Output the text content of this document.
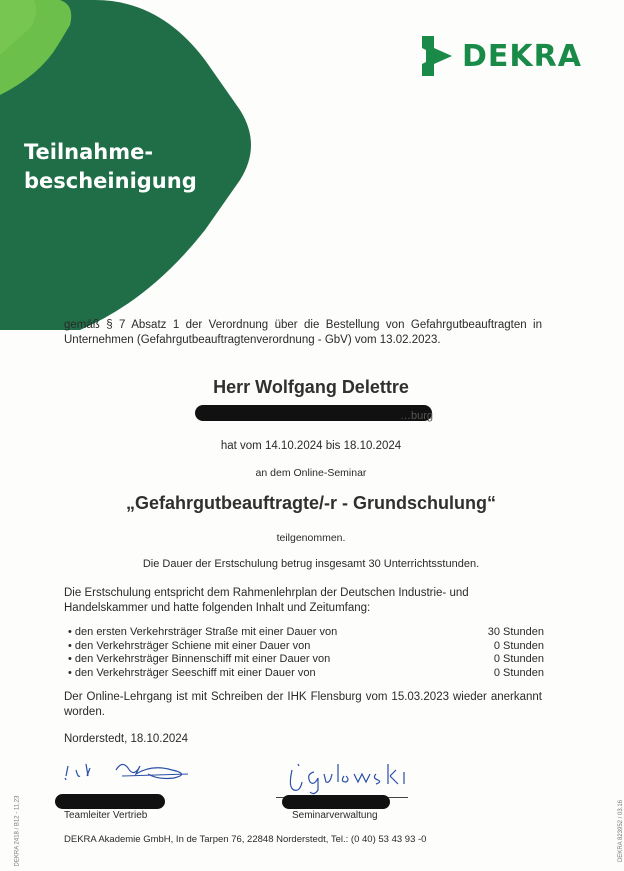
Teilnahme-
bescheinigung
DEKRA
gemäß § 7 Absatz 1 der Verordnung über die Bestellung von Gefahrgutbeauftragten in Unternehmen (Gefahrgutbeauftragtenverordnung - GbV) vom 13.02.2023.
Herr Wolfgang Delettre
…burg
hat vom 14.10.2024 bis 18.10.2024
an dem Online-Seminar
„Gefahrgutbeauftragte/-r - Grundschulung“
teilgenommen.
Die Dauer der Erstschulung betrug insgesamt 30 Unterrichtsstunden.
Die Erstschulung entspricht dem Rahmenlehrplan der Deutschen Industrie- und Handelskammer und hatte folgenden Inhalt und Zeitumfang:
• den ersten Verkehrsträger Straße mit einer Dauer von	30 Stunden
• den Verkehrsträger Schiene mit einer Dauer von	0 Stunden
• den Verkehrsträger Binnenschiff mit einer Dauer von	0 Stunden
• den Verkehrsträger Seeschiff mit einer Dauer von	0 Stunden
Der Online-Lehrgang ist mit Schreiben der IHK Flensburg vom 15.03.2023 wieder anerkannt worden.
Norderstedt, 18.10.2024
Teamleiter Vertrieb	Seminarverwaltung
DEKRA Akademie GmbH, In de Tarpen 76, 22848 Norderstedt, Tel.: (0 40) 53 43 93 -0
DEKRA 2418 / B12 - 11.23	DEKRA 823952 / 03.16
